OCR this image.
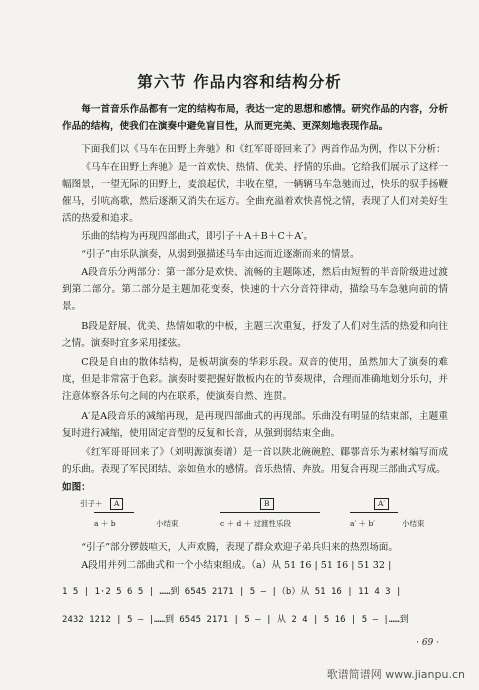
第六节 作品内容和结构分析

每一首音乐作品都有一定的结构布局，表达一定的思想和感情。研究作品的内容，分析作品的结构，使我们在演奏中避免盲目性，从而更完美、更深刻地表现作品。

下面我们以《马车在田野上奔驰》和《红军哥哥回来了》两首作品为例，作以下分析：

《马车在田野上奔驰》是一首欢快、热情、优美、抒情的乐曲。它给我们展示了这样一幅图景，一望无际的田野上，麦浪起伏，丰收在望，一辆辆马车急驰而过，快乐的驭手扬鞭催马，引吭高歌，然后逐渐又消失在远方。全曲充溢着欢快喜悦之情，表现了人们对美好生活的热爱和追求。

乐曲的结构为再现四部曲式，即引子＋A＋B＋C＋A′。

“引子”由乐队演奏，从弱到强描述马车由远而近逐渐而来的情景。

A段音乐分两部分：第一部分是欢快、流畅的主题陈述，然后由短暂的半音阶级进过渡到第二部分。第二部分是主题加花变奏，快速的十六分音符律动，描绘马车急驰向前的情景。

B段是舒展、优美、热情如歌的中板，主题三次重复，抒发了人们对生活的热爱和向往之情。演奏时宜多采用揉弦。

C段是自由的散体结构，是板胡演奏的华彩乐段。双音的使用，虽然加大了演奏的难度，但是非常富于色彩。演奏时要把握好散板内在的节奏规律，合理而准确地划分乐句，并注意体察各乐句之间的内在联系，使演奏自然、连贯。

A′是A段音乐的减缩再现，是再现四部曲式的再现部。乐曲没有明显的结束部，主题重复时进行减缩，使用固定音型的反复和长音，从强到弱结束全曲。

《红军哥哥回来了》（刘明源演奏谱）是一首以陕北碗碗腔、郿鄠音乐为素材编写而成的乐曲。表现了军民团结、亲如鱼水的感情。音乐热情、奔放。用复合再现三部曲式写成。

如图：

引子＋	A
a ＋ b	小结束
B
c ＋ d ＋ 过渡性乐段
A′
a′ ＋ b′	小结束

“引子”部分锣鼓喧天，人声欢腾，表现了群众欢迎子弟兵归来的热烈场面。

A段用并列二部曲式和一个小结束组成。（a）从 5̇1 1̇6 | 5̇1 1̇6 | 5̇1 3̇2 |

1 5 | 1·2 5 6 5 | ……到 6545 2171 | 5 — |（b）从 5̇1 1̇6 | 1̇1 4 3 |
2432 1212 | 5 — |……到 6545 2171 | 5 — | 从 2 4 | 5 1̇6 | 5 — |……到
· 69 ·
歌谱简谱网 www.jianpu.cn
